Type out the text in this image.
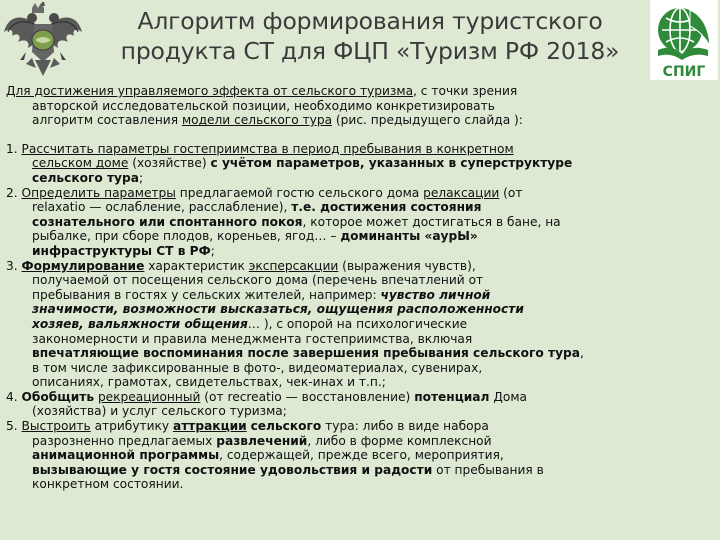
Алгоритм формирования туристского
продукта СТ для ФЦП «Туризм РФ 2018»
СПИГ
Для достижения управляемого эффекта от сельского туризма, с точки зрения
авторской исследовательской позиции, необходимо конкретизировать
алгоритм составления модели сельского тура (рис. предыдущего слайда ):
1. Рассчитать параметры гостеприимства в период пребывания в конкретном
сельском доме (хозяйстве) с учётом параметров, указанных в суперструктуре
сельского тура;
2. Определить параметры предлагаемой гостю сельского дома релаксации (от
relaxatio — ослабление, расслабление), т.е. достижения состояния
сознательного или спонтанного покоя, которое может достигаться в бане, на
рыбалке, при сборе плодов, кореньев, ягод… – доминанты «аурЫ»
инфраструктуры СТ в РФ;
3. Формулирование характеристик эксперсакции (выражения чувств),
получаемой от посещения сельского дома (перечень впечатлений от
пребывания в гостях у сельских жителей, например: чувство личной
значимости, возможности высказаться, ощущения расположенности
хозяев, вальяжности общения… ), с опорой на психологические
закономерности и правила менеджмента гостеприимства, включая
впечатляющие воспоминания после завершения пребывания сельского тура,
в том числе зафиксированные в фото-, видеоматериалах, сувенирах,
описаниях, грамотах, свидетельствах, чек-инах и т.п.;
4. Обобщить рекреационный (от recreatio — восстановление) потенциал Дома
(хозяйства) и услуг сельского туризма;
5. Выстроить атрибутику аттракции сельского тура: либо в виде набора
разрозненно предлагаемых развлечений, либо в форме комплексной
анимационной программы, содержащей, прежде всего, мероприятия,
вызывающие у гостя состояние удовольствия и радости от пребывания в
конкретном состоянии.
